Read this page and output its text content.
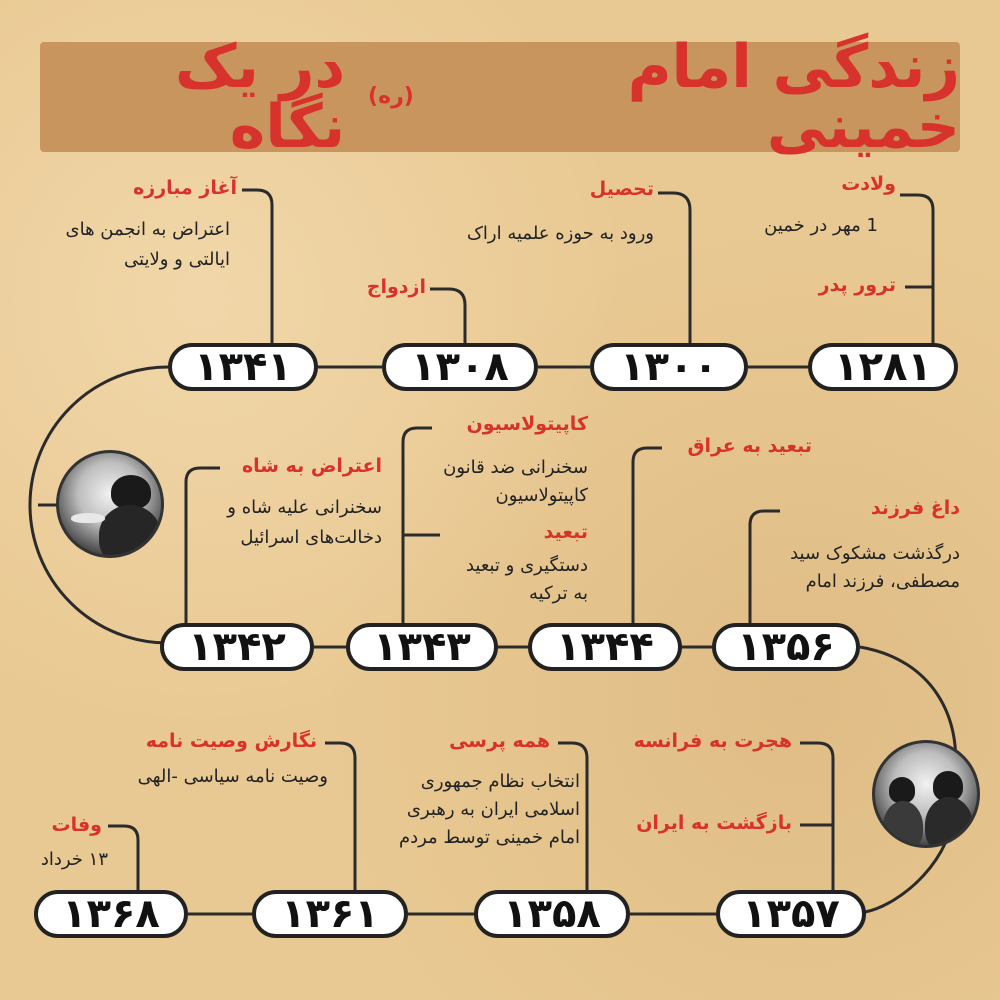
زندگی امام خمینی
(ره)

در یک نگاه
۱۲۸۱
۱۳۰۰
۱۳۰۸
۱۳۴۱
۱۳۴۲	۱۳۴۳	۱۳۴۴	۱۳۵۶
۱۳۵۷
۱۳۵۸
۱۳۶۱
۱۳۶۸
ولادت
1 مهر در خمین
ترور پدر
تحصیل
ورود به حوزه علمیه اراک
ازدواج
آغاز مبارزه
اعتراض به انجمن های
ایالتی و ولایتی
اعتراض به شاه
سخنرانی علیه شاه و
دخالت‌های اسرائیل
کاپیتولاسیون
سخنرانی ضد قانون
کاپیتولاسیون
تبعید
دستگیری و تبعید
به ترکیه
تبعید به عراق
داغ فرزند
درگذشت مشکوک سید
مصطفی، فرزند امام
هجرت به فرانسه
بازگشت به ایران
همه پرسی
انتخاب نظام جمهوری
اسلامی ایران به رهبری
امام خمینی توسط مردم
نگارش وصیت نامه
وصیت نامه سیاسی -الهی
وفات
۱۳ خرداد
